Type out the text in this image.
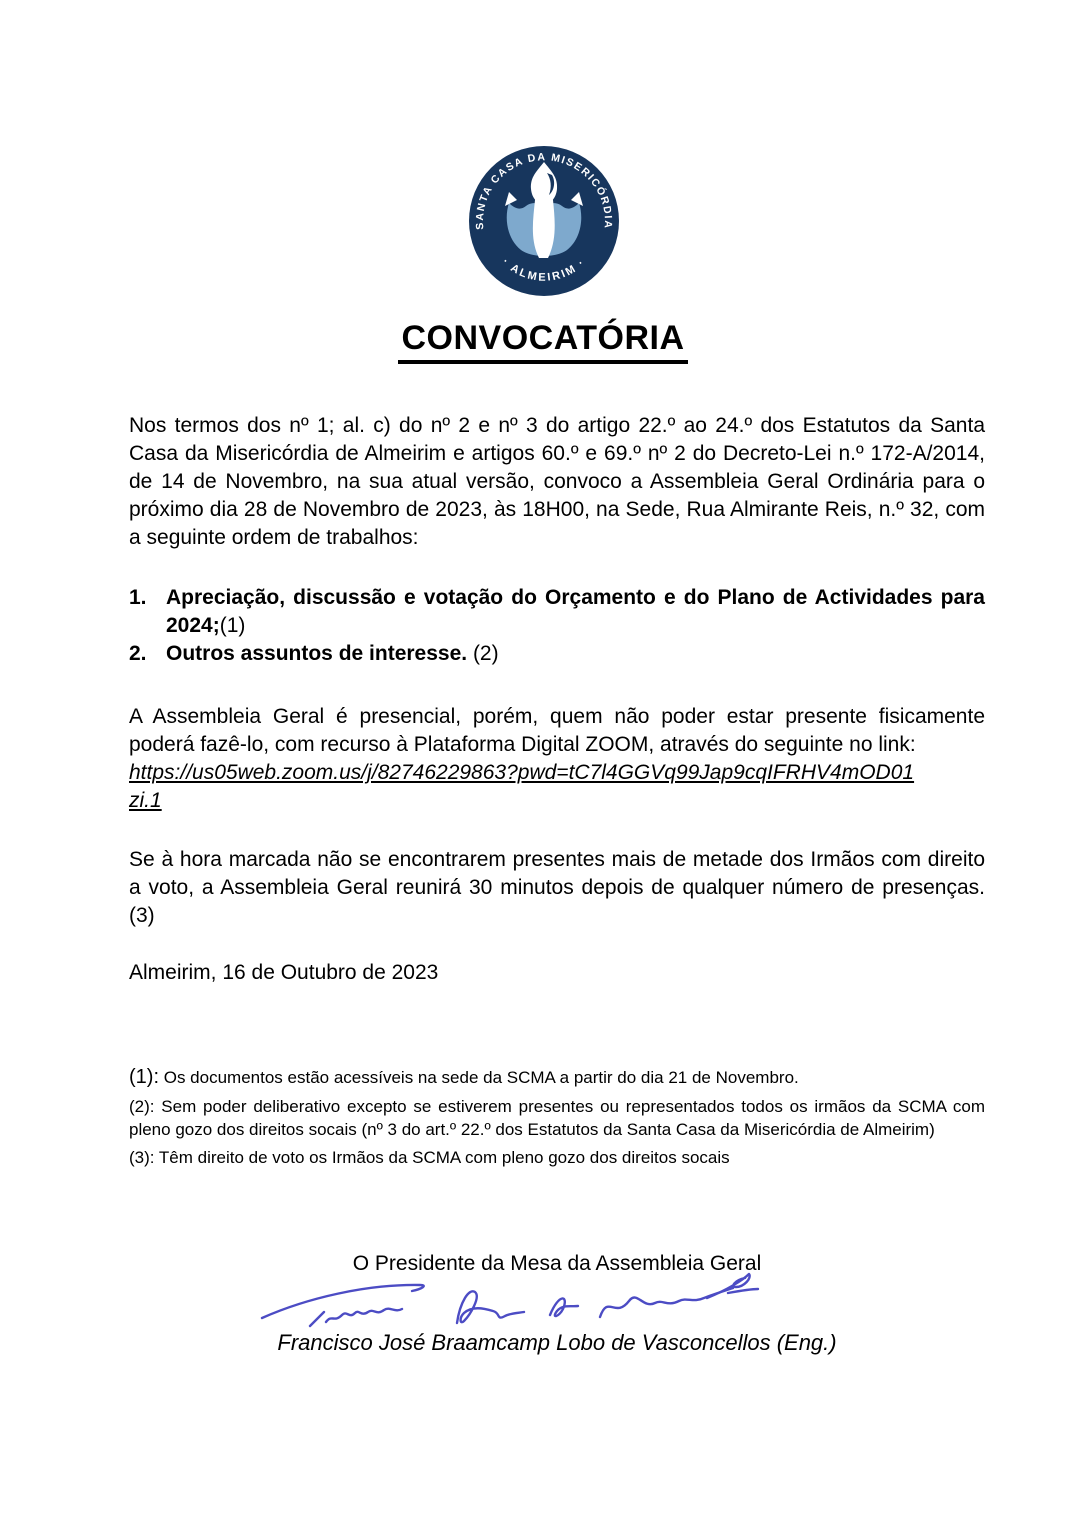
SANTA CASA DA MISERICÓRDIA
· ALMEIRIM ·
CONVOCATÓRIA

Nos termos dos nº 1; al. c) do nº 2 e nº 3 do artigo 22.º ao 24.º dos Estatutos da Santa Casa da Misericórdia de Almeirim e artigos 60.º e 69.º nº 2 do Decreto-Lei n.º 172-A/2014, de 14 de Novembro, na sua atual versão, convoco a Assembleia Geral Ordinária para o próximo dia 28 de Novembro de 2023, às 18H00, na Sede, Rua Almirante Reis, n.º 32, com a seguinte ordem de trabalhos:

1. Apreciação, discussão e votação do Orçamento e do Plano de Actividades para 2024;(1)
2. Outros assuntos de interesse. (2)
A Assembleia Geral é presencial, porém, quem não poder estar presente fisicamente poderá fazê-lo, com recurso à Plataforma Digital ZOOM, através do seguinte no link:
https://us05web.zoom.us/j/82746229863?pwd=tC7l4GGVq99Jap9cqIFRHV4mOD01
zi.1

Se à hora marcada não se encontrarem presentes mais de metade dos Irmãos com direito a voto, a Assembleia Geral reunirá 30 minutos depois de qualquer número de presenças. (3)

Almeirim, 16 de Outubro de 2023

(1): Os documentos estão acessíveis na sede da SCMA a partir do dia 21 de Novembro.

(2): Sem poder deliberativo excepto se estiverem presentes ou representados todos os irmãos da SCMA com pleno gozo dos direitos socais (nº 3 do art.º 22.º dos Estatutos da Santa Casa da Misericórdia de Almeirim)

(3): Têm direito de voto os Irmãos da SCMA com pleno gozo dos direitos socais

O Presidente da Mesa da Assembleia Geral

Francisco José Braamcamp Lobo de Vasconcellos (Eng.)
